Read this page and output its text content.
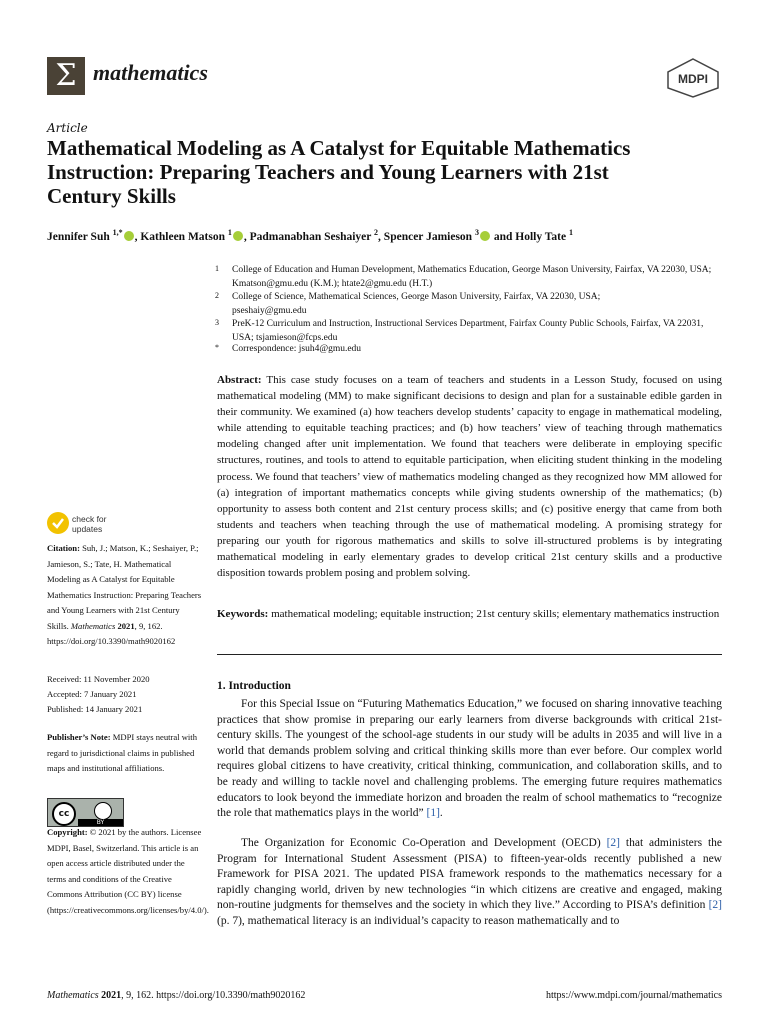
Σ mathematics	MDPI
Article
Mathematical Modeling as A Catalyst for Equitable Mathematics Instruction: Preparing Teachers and Young Learners with 21st Century Skills
Jennifer Suh $^{1,*}$ , Kathleen Matson $^1$ , Padmanabhan Seshaiyer $^2$, Spencer Jamieson $^3$ and Holly Tate $^1$
1 College of Education and Human Development, Mathematics Education, George Mason University, Fairfax, VA 22030, USA; Kmatson@gmu.edu (K.M.); htate2@gmu.edu (H.T.)
2 College of Science, Mathematical Sciences, George Mason University, Fairfax, VA 22030, USA; pseshaiy@gmu.edu
3 PreK-12 Curriculum and Instruction, Instructional Services Department, Fairfax County Public Schools, Fairfax, VA 22031, USA; tsjamieson@fcps.edu
* Correspondence: jsuh4@gmu.edu
Abstract: This case study focuses on a team of teachers and students in a Lesson Study, focused on using mathematical modeling (MM) to make significant decisions to design and plan for a sustainable edible garden in their community. We examined (a) how teachers develop students’ capacity to engage in mathematical modeling, while attending to equitable teaching practices; and (b) how teachers’ view of teaching through mathematics modeling changed after unit implementation. We found that teachers were deliberate in employing specific structures, routines, and tools to attend to equitable participation, when eliciting student thinking in the modeling process. We found that teachers’ view of mathematics modeling changed as they recognized how MM allowed for (a) integration of important mathematics concepts while giving students ownership of the mathematics; (b) opportunity to assess both content and 21st century process skills; and (c) positive energy that came from both students and teachers when teaching through the use of mathematical modeling. A promising strategy for preparing our youth for rigorous mathematics and skills to solve ill-structured problems is by integrating mathematical modeling in early elementary grades to develop critical 21st century skills and a productive disposition towards problem posing and problem solving.
Keywords: mathematical modeling; equitable instruction; 21st century skills; elementary mathematics instruction
1. Introduction
For this Special Issue on “Futuring Mathematics Education,” we focused on sharing innovative teaching practices that show promise in preparing our early learners from diverse backgrounds with critical 21st-century skills. The youngest of the school-age students in our study will be adults in 2035 and will live in a world that demands problem solving and critical thinking skills more than ever before. Our complex world requires global citizens to have creativity, critical thinking, communication, and collaboration skills, and to be ready and willing to tackle novel and challenging problems. The emerging future requires mathematics educators to look beyond the immediate horizon and broaden the realm of school mathematics to “recognize the role that mathematics plays in the world” [1].
The Organization for Economic Co-Operation and Development (OECD) [2] that administers the Program for International Student Assessment (PISA) to fifteen-year-olds recently published a new Framework for PISA 2021. The updated PISA framework responds to the mathematics necessary for a rapidly changing world, driven by new technologies “in which citizens are creative and engaged, making non-routine judgments for themselves and the society in which they live.” According to PISA’s definition [2] (p. 7), mathematical literacy is an individual’s capacity to reason mathematically and to
check for updates
Citation: Suh, J.; Matson, K.; Seshaiyer, P.; Jamieson, S.; Tate, H. Mathematical Modeling as A Catalyst for Equitable Mathematics Instruction: Preparing Teachers and Young Learners with 21st Century Skills. Mathematics 2021, 9, 162. https://doi.org/10.3390/math9020162
Received: 11 November 2020
Accepted: 7 January 2021
Published: 14 January 2021
Publisher’s Note: MDPI stays neutral with regard to jurisdictional claims in published maps and institutional affiliations.
cc
BY
Copyright: © 2021 by the authors. Licensee MDPI, Basel, Switzerland. This article is an open access article distributed under the terms and conditions of the Creative Commons Attribution (CC BY) license (https://creativecommons.org/licenses/by/4.0/).
Mathematics 2021, 9, 162. https://doi.org/10.3390/math9020162	https://www.mdpi.com/journal/mathematics
